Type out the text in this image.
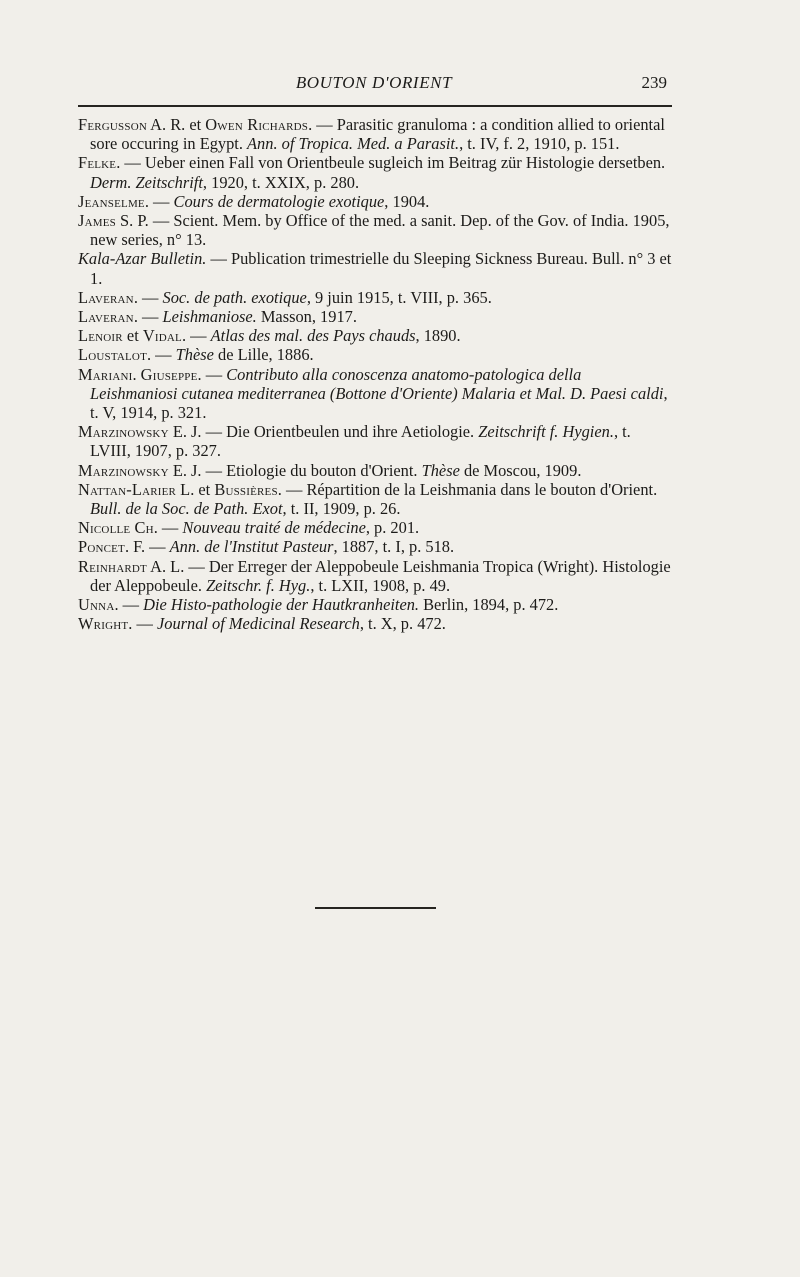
BOUTON D'ORIENT	239

Fergusson A. R. et Owen Richards. — Parasitic granuloma : a condition allied to oriental sore occuring in Egypt. Ann. of Tropica. Med. a Parasit., t. IV, f. 2, 1910, p. 151.

Felke. — Ueber einen Fall von Orientbeule sugleich im Beitrag zür Histologie dersetben. Derm. Zeitschrift, 1920, t. XXIX, p. 280.

Jeanselme. — Cours de dermatologie exotique, 1904.

James S. P. — Scient. Mem. by Office of the med. a sanit. Dep. of the Gov. of India. 1905, new series, n° 13.

Kala-Azar Bulletin. — Publication trimestrielle du Sleeping Sickness Bureau. Bull. n° 3 et 1.

Laveran. — Soc. de path. exotique, 9 juin 1915, t. VIII, p. 365.

Laveran. — Leishmaniose. Masson, 1917.

Lenoir et Vidal. — Atlas des mal. des Pays chauds, 1890.

Loustalot. — Thèse de Lille, 1886.

Mariani. Giuseppe. — Contributo alla conoscenza anatomo-patologica della Leishmaniosi cutanea mediterranea (Bottone d'Oriente) Malaria et Mal. D. Paesi caldi, t. V, 1914, p. 321.

Marzinowsky E. J. — Die Orientbeulen und ihre Aetiologie. Zeitschrift f. Hygien., t. LVIII, 1907, p. 327.

Marzinowsky E. J. — Etiologie du bouton d'Orient. Thèse de Moscou, 1909.

Nattan-Larier L. et Bussières. — Répartition de la Leishmania dans le bouton d'Orient. Bull. de la Soc. de Path. Exot, t. II, 1909, p. 26.

Nicolle Ch. — Nouveau traité de médecine, p. 201.

Poncet. F. — Ann. de l'Institut Pasteur, 1887, t. I, p. 518.

Reinhardt A. L. — Der Erreger der Aleppobeule Leishmania Tropica (Wright). Histologie der Aleppobeule. Zeitschr. f. Hyg., t. LXII, 1908, p. 49.

Unna. — Die Histo-pathologie der Hautkranheiten. Berlin, 1894, p. 472.

Wright. — Journal of Medicinal Research, t. X, p. 472.
